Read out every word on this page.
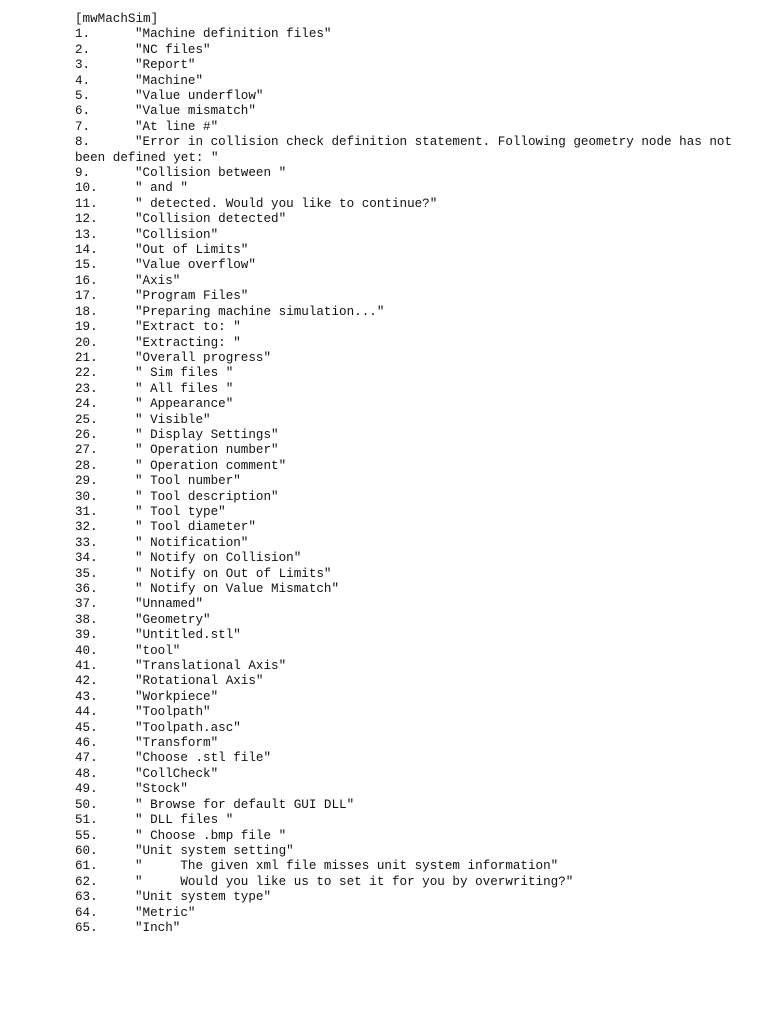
[mwMachSim]
1.	"Machine definition files"
2.	"NC files"
3.	"Report"
4.	"Machine"
5.	"Value underflow"
6.	"Value mismatch"
7.	"At line #"
8.	"Error in collision check definition statement. Following geometry node has not been defined yet: "
9.	"Collision between "
10.	" and "
11.	" detected. Would you like to continue?"
12.	"Collision detected"
13.	"Collision"
14.	"Out of Limits"
15.	"Value overflow"
16.	"Axis"
17.	"Program Files"
18.	"Preparing machine simulation..."
19.	"Extract to: "
20.	"Extracting: "
21.	"Overall progress"
22.	" Sim files "
23.	" All files "
24.	" Appearance"
25.	" Visible"
26.	" Display Settings"
27.	" Operation number"
28.	" Operation comment"
29.	" Tool number"
30.	" Tool description"
31.	" Tool type"
32.	" Tool diameter"
33.	" Notification"
34.	" Notify on Collision"
35.	" Notify on Out of Limits"
36.	" Notify on Value Mismatch"
37.	"Unnamed"
38.	"Geometry"
39.	"Untitled.stl"
40.	"tool"
41.	"Translational Axis"
42.	"Rotational Axis"
43.	"Workpiece"
44.	"Toolpath"
45.	"Toolpath.asc"
46.	"Transform"
47.	"Choose .stl file"
48.	"CollCheck"
49.	"Stock"
50.	" Browse for default GUI DLL"
51.	" DLL files "
55.	" Choose .bmp file "
60.	"Unit system setting"
61.	"     The given xml file misses unit system information"
62.	"     Would you like us to set it for you by overwriting?"
63.	"Unit system type"
64.	"Metric"
65.	"Inch"
